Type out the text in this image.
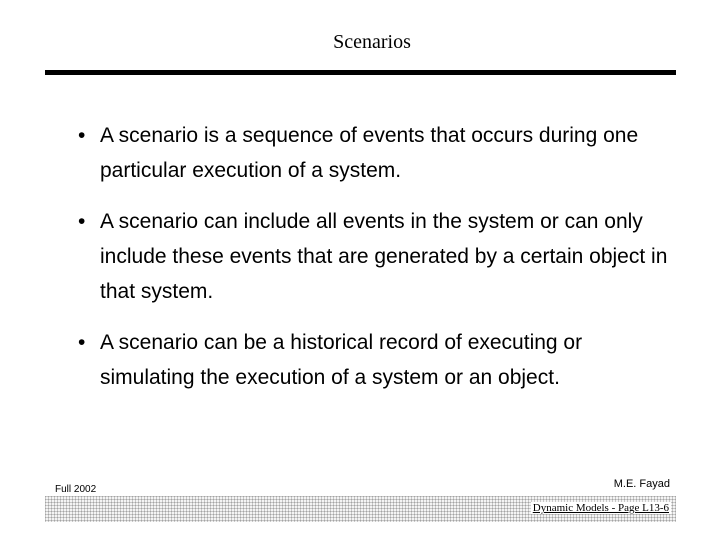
Scenarios
• A scenario is a sequence of events that occurs during one particular execution of a system.
• A scenario can include all events in the system or can only include these events that are generated by a certain object in that system.
• A scenario can be a historical record of executing or simulating the execution of a system or an object.
Full 2002	M.E. Fayad
Dynamic Models - Page L13-6
